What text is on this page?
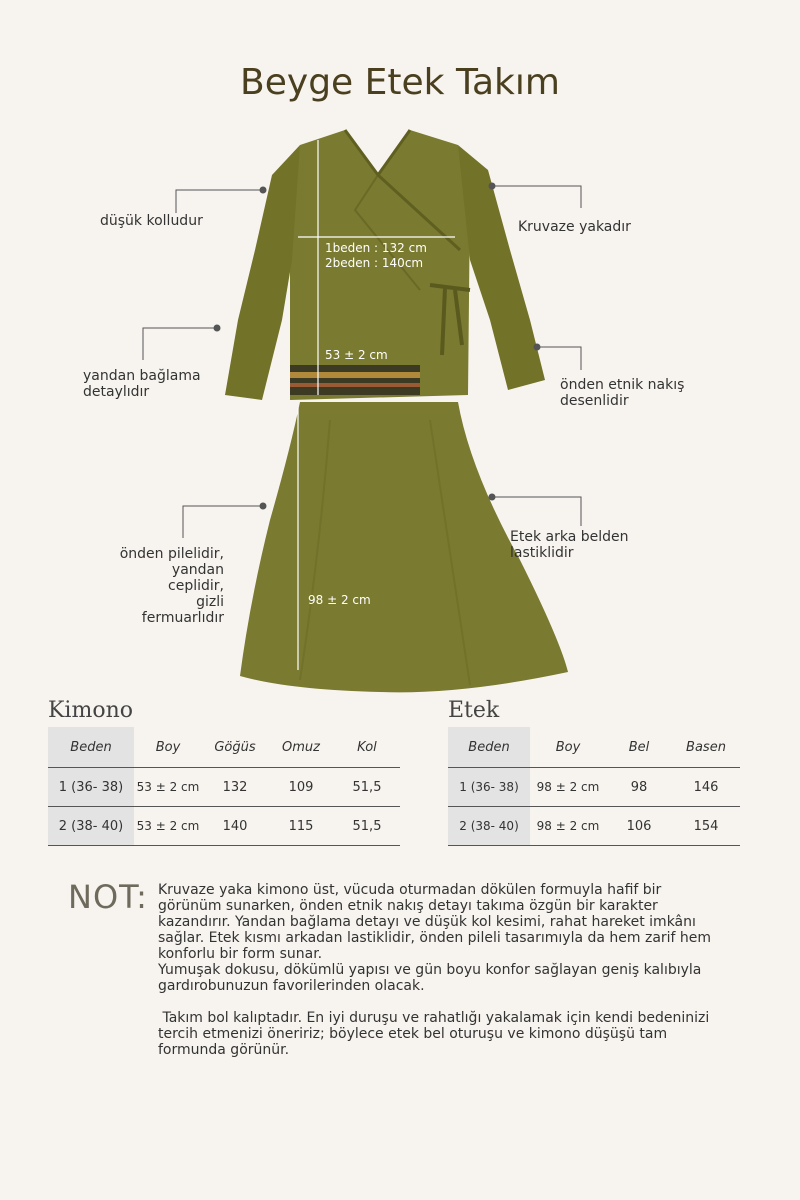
Beyge Etek Takım
1beden : 132 cm
2beden : 140cm
53 ± 2 cm
98 ± 2 cm
düşük kolludur	Kruvaze yakadır
yandan bağlama
detaylıdır	önden etnik nakış
desenlidir
önden pilelidir,
yandan ceplidir,
gizli fermuarlıdır
Etek arka belden
lastiklidir
Kimono
Beden	Boy	Göğüs	Omuz	Kol
1 (36- 38)	53 ± 2 cm	132	109	51,5
2 (38- 40)	53 ± 2 cm	140	115	51,5
Etek
Beden	Boy	Bel	Basen
1 (36- 38)	98 ± 2 cm	98	146
2 (38- 40)	98 ± 2 cm	106	154
NOT: Kruvaze yaka kimono üst, vücuda oturmadan dökülen formuyla hafif bir görünüm sunarken, önden etnik nakış detayı takıma özgün bir karakter kazandırır. Yandan bağlama detayı ve düşük kol kesimi, rahat hareket imkânı sağlar. Etek kısmı arkadan lastiklidir, önden pileli tasarımıyla da hem zarif hem konforlu bir form sunar.

Yumuşak dokusu, dökümlü yapısı ve gün boyu konfor sağlayan geniş kalıbıyla gardırobunuzun favorilerinden olacak.

Takım bol kalıptadır. En iyi duruşu ve rahatlığı yakalamak için kendi bedeninizi tercih etmenizi öneririz; böylece etek bel oturuşu ve kimono düşüşü tam formunda görünür.
